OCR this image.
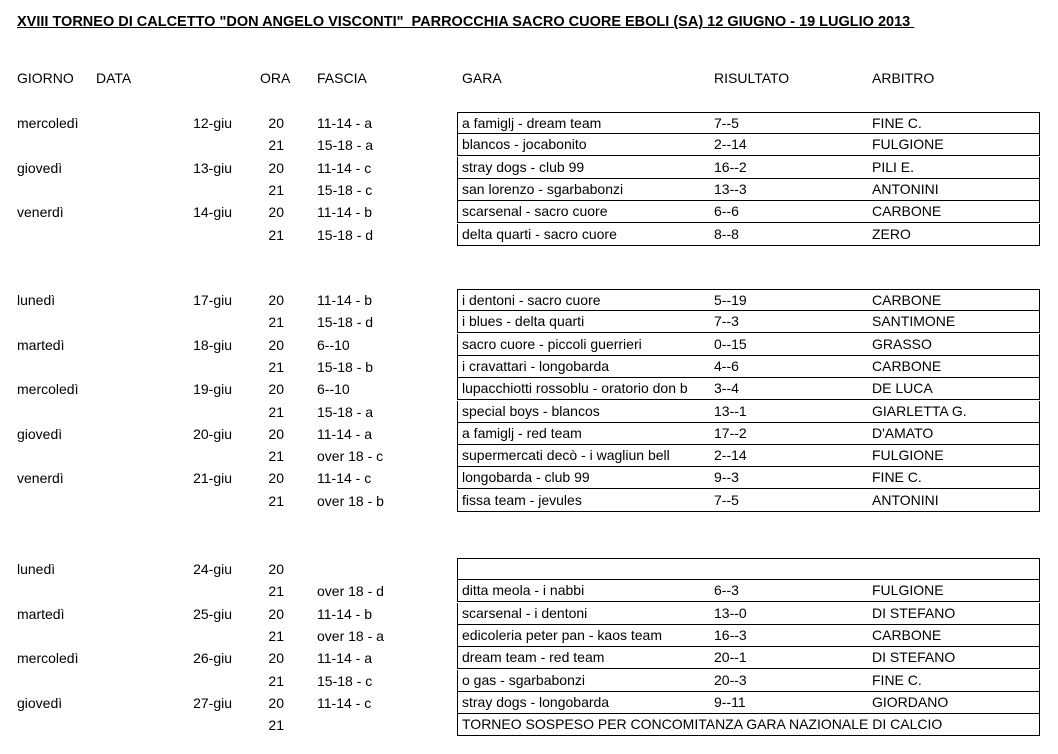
XVIII TORNEO DI CALCETTO "DON ANGELO VISCONTI"  PARROCCHIA SACRO CUORE EBOLI (SA) 12 GIUGNO - 19 LUGLIO 2013
GIORNO DATA	ORA FASCIA	GARA	RISULTATO	ARBITRO
mercoledì	12-giu	20 11-14 - a	a famiglj - dream team	7--5	FINE C.
21 15-18 - a	blancos - jocabonito	2--14	FULGIONE
giovedì	13-giu	20 11-14 - c	stray dogs - club 99	16--2	PILI E.
21 15-18 - c	san lorenzo - sgarbabonzi	13--3	ANTONINI
venerdì	14-giu	20 11-14 - b	scarsenal - sacro cuore	6--6	CARBONE
21 15-18 - d	delta quarti - sacro cuore	8--8	ZERO
lunedì	17-giu	20 11-14 - b	i dentoni - sacro cuore	5--19	CARBONE
21 15-18 - d	i blues - delta quarti	7--3	SANTIMONE
martedì	18-giu	20 6--10	sacro cuore - piccoli guerrieri	0--15	GRASSO
21 15-18 - b	i cravattari - longobarda	4--6	CARBONE
mercoledì	19-giu	20 6--10	lupacchiotti rossoblu - oratorio don b	3--4	DE LUCA
21 15-18 - a	special boys - blancos	13--1	GIARLETTA G.
giovedì	20-giu	20 11-14 - a	a famiglj - red team	17--2	D'AMATO
21 over 18 - c	supermercati decò - i wagliun bell	2--14	FULGIONE
venerdì	21-giu	20 11-14 - c	longobarda - club 99	9--3	FINE C.
21 over 18 - b	fissa team - jevules	7--5	ANTONINI
lunedì	24-giu	20
21 over 18 - d	ditta meola - i nabbi	6--3	FULGIONE
martedì	25-giu	20 11-14 - b	scarsenal - i dentoni	13--0	DI STEFANO
21 over 18 - a	edicoleria peter pan - kaos team	16--3	CARBONE
mercoledì	26-giu	20 11-14 - a	dream team - red team	20--1	DI STEFANO
21 15-18 - c	o gas - sgarbabonzi	20--3	FINE C.
giovedì	27-giu	20 11-14 - c	stray dogs - longobarda	9--11	GIORDANO
21	TORNEO SOSPESO PER CONCOMITANZA GARA NAZIONALE DI CALCIO
